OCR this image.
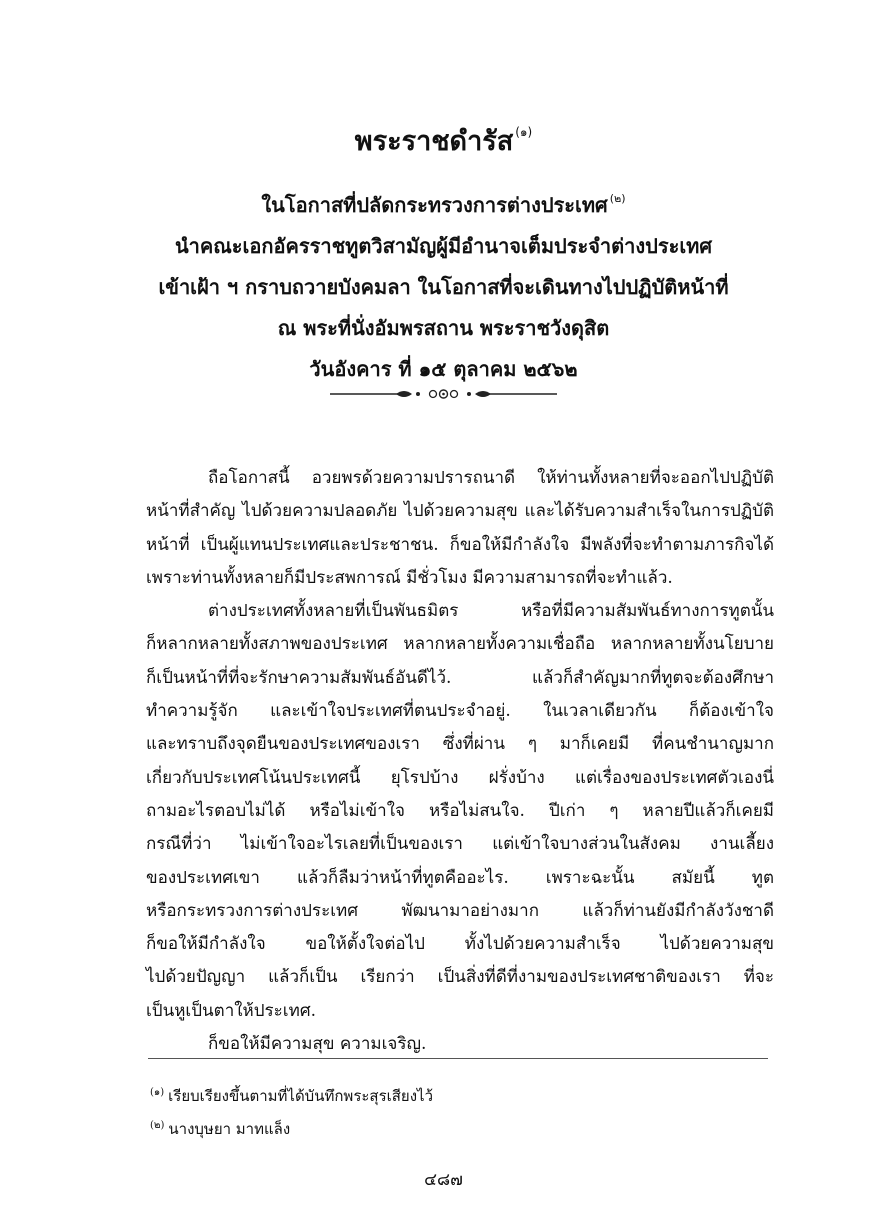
พระราชดำรัส $^{(๑)}$
ในโอกาสที่ปลัดกระทรวงการต่างประเทศ $^{(๒)}$
นำคณะเอกอัครราชทูตวิสามัญผู้มีอำนาจเต็มประจำต่างประเทศ
เข้าเฝ้า ฯ กราบถวายบังคมลา ในโอกาสที่จะเดินทางไปปฏิบัติหน้าที่
ณ พระที่นั่งอัมพรสถาน พระราชวังดุสิต
วันอังคาร ที่ ๑๕ ตุลาคม ๒๕๖๒

ถือโอกาสนี้ อวยพรด้วยความปรารถนาดี ให้ท่านทั้งหลายที่จะออกไปปฏิบัติ
หน้าที่สำคัญ ไปด้วยความปลอดภัย ไปด้วยความสุข และได้รับความสำเร็จในการปฏิบัติ
หน้าที่ เป็นผู้แทนประเทศและประชาชน. ก็ขอให้มีกำลังใจ มีพลังที่จะทำตามภารกิจได้
เพราะท่านทั้งหลายก็มีประสพการณ์ มีชั่วโมง มีความสามารถที่จะทำแล้ว.

ต่างประเทศทั้งหลายที่เป็นพันธมิตร หรือที่มีความสัมพันธ์ทางการทูตนั้น
ก็หลากหลายทั้งสภาพของประเทศ หลากหลายทั้งความเชื่อถือ หลากหลายทั้งนโยบาย
ก็เป็นหน้าที่ที่จะรักษาความสัมพันธ์อันดีไว้. แล้วก็สำคัญมากที่ทูตจะต้องศึกษา
ทำความรู้จัก และเข้าใจประเทศที่ตนประจำอยู่. ในเวลาเดียวกัน ก็ต้องเข้าใจ
และทราบถึงจุดยืนของประเทศของเรา ซึ่งที่ผ่าน ๆ มาก็เคยมี ที่คนชำนาญมาก
เกี่ยวกับประเทศโน้นประเทศนี้ ยุโรปบ้าง ฝรั่งบ้าง แต่เรื่องของประเทศตัวเองนี่
ถามอะไรตอบไม่ได้ หรือไม่เข้าใจ หรือไม่สนใจ. ปีเก่า ๆ หลายปีแล้วก็เคยมี
กรณีที่ว่า ไม่เข้าใจอะไรเลยที่เป็นของเรา แต่เข้าใจบางส่วนในสังคม งานเลี้ยง
ของประเทศเขา แล้วก็ลืมว่าหน้าที่ทูตคืออะไร. เพราะฉะนั้น สมัยนี้ ทูต
หรือกระทรวงการต่างประเทศ พัฒนามาอย่างมาก แล้วก็ท่านยังมีกำลังวังชาดี
ก็ขอให้มีกำลังใจ ขอให้ตั้งใจต่อไป ทั้งไปด้วยความสำเร็จ ไปด้วยความสุข
ไปด้วยปัญญา แล้วก็เป็น เรียกว่า เป็นสิ่งที่ดีที่งามของประเทศชาติของเรา ที่จะ
เป็นหูเป็นตาให้ประเทศ.

ก็ขอให้มีความสุข ความเจริญ.
$^{(๑)}$ เรียบเรียงขึ้นตามที่ได้บันทึกพระสุรเสียงไว้
$^{(๒)}$ นางบุษยา มาทแล็ง
๔๘๗
